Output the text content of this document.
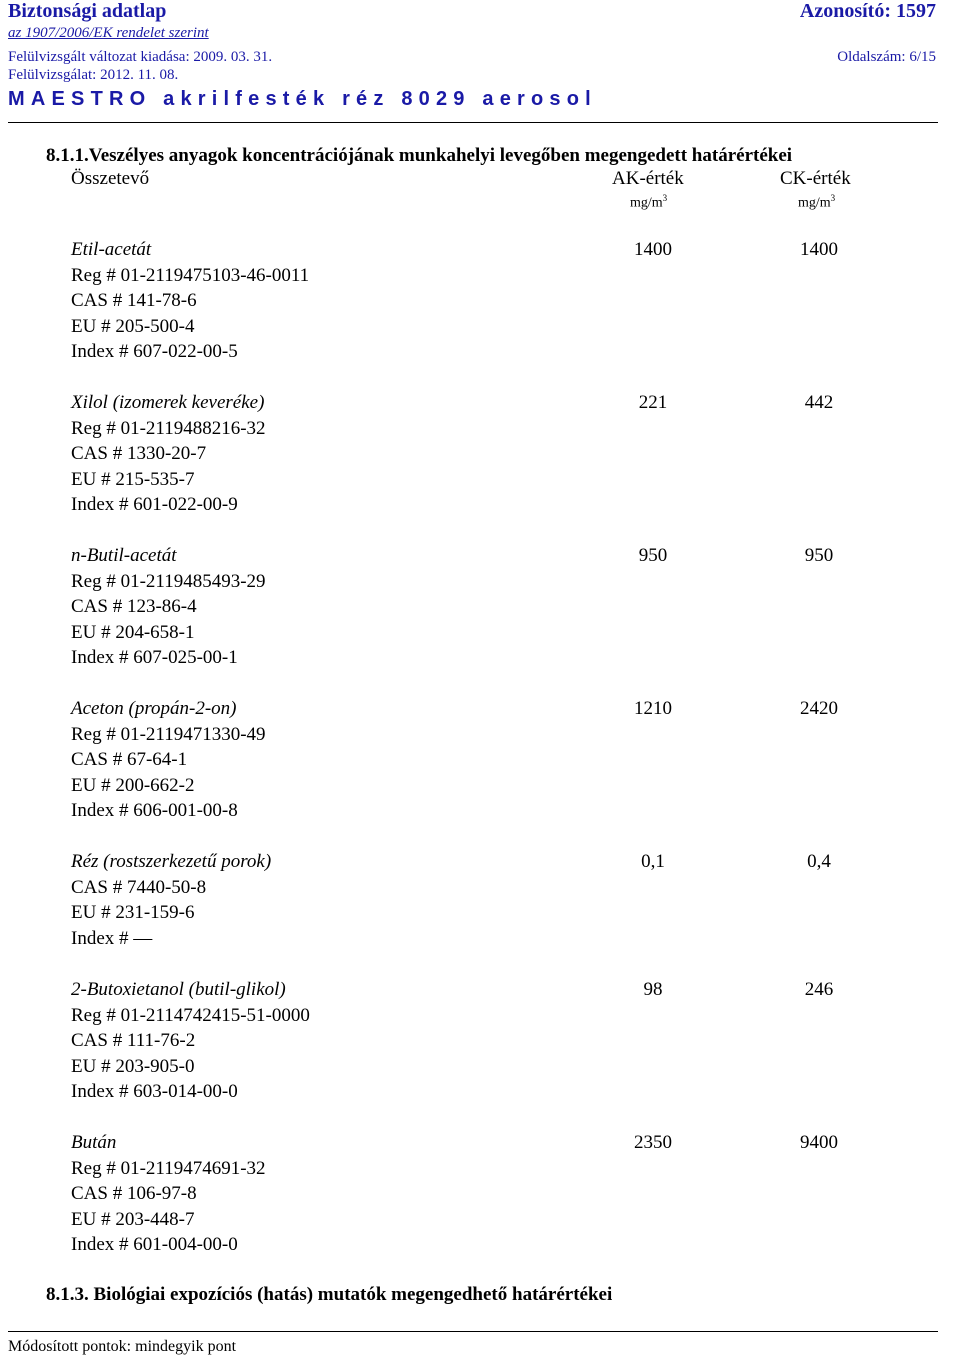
Biztonsági adatlap	Azonosító: 1597
az 1907/2006/EK rendelet szerint
Felülvizsgált változat kiadása: 2009. 03. 31.	Oldalszám: 6/15
Felülvizsgálat: 2012. 11. 08.
MAESTRO akrilfesték réz 8029 aerosol
8.1.1.Veszélyes anyagok koncentrációjának munkahelyi levegőben megengedett határértékei
Összetevő	AK-érték	CK-érték
$mg/m^3$	$mg/m^3$
Etil-acetát	1400	1400
Reg # 01-2119475103-46-0011
CAS # 141-78-6
EU # 205-500-4
Index # 607-022-00-5
Xilol (izomerek keveréke)	221	442
Reg # 01-2119488216-32
CAS # 1330-20-7
EU # 215-535-7
Index # 601-022-00-9
n-Butil-acetát	950	950
Reg # 01-2119485493-29
CAS # 123-86-4
EU # 204-658-1
Index # 607-025-00-1
Aceton (propán-2-on)	1210	2420
Reg # 01-2119471330-49
CAS # 67-64-1
EU # 200-662-2
Index # 606-001-00-8
Réz (rostszerkezetű porok)	0,1	0,4
CAS # 7440-50-8
EU # 231-159-6
Index # —
2-Butoxietanol (butil-glikol)	98	246
Reg # 01-2114742415-51-0000
CAS # 111-76-2
EU # 203-905-0
Index # 603-014-00-0
Bután	2350	9400
Reg # 01-2119474691-32
CAS # 106-97-8
EU # 203-448-7
Index # 601-004-00-0
8.1.3. Biológiai expozíciós (hatás) mutatók megengedhető határértékei
Módosított pontok: mindegyik pont
